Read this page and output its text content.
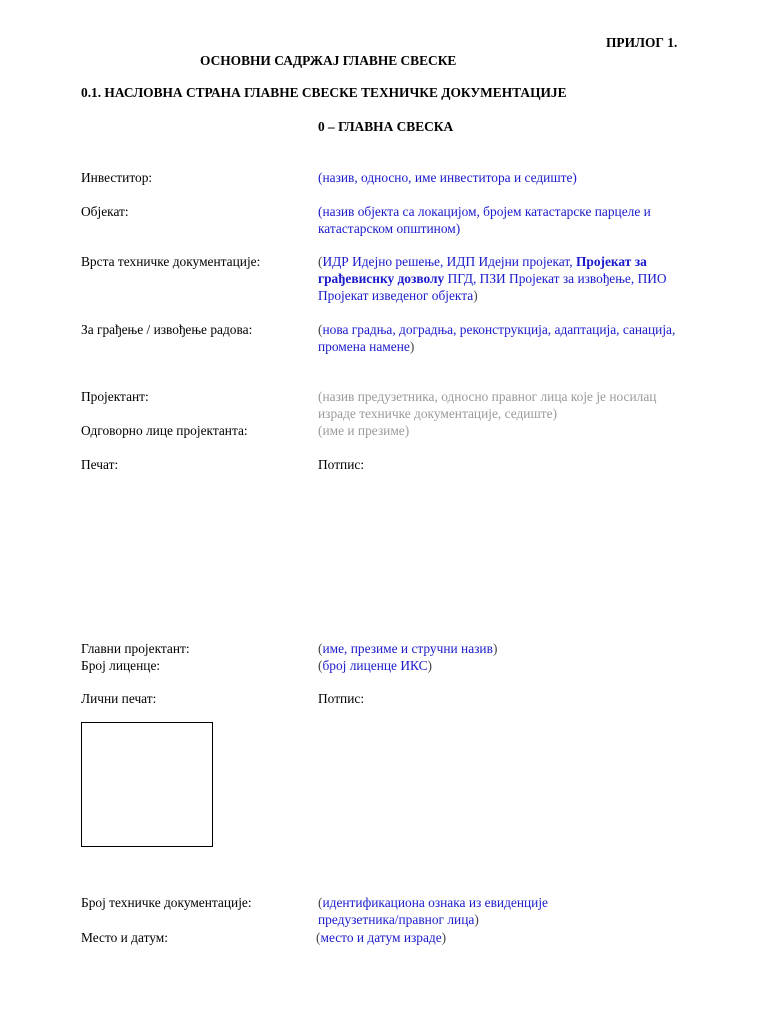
ПРИЛОГ 1.
ОСНОВНИ САДРЖАЈ ГЛАВНЕ СВЕСКЕ
0.1. НАСЛОВНА СТРАНА ГЛАВНЕ СВЕСКЕ ТЕХНИЧКЕ ДОКУМЕНТАЦИЈЕ
0 – ГЛАВНА СВЕСКА
Инвеститор:	(назив, односно, име инвеститора и седиште)
Објекат:	(назив објекта са локацијом, бројем катастарске парцеле и катастарском општином)
Врста техничке документације:	(ИДР Идејно решење, ИДП Идејни пројекат, Пројекат за грађевиснку дозволу ПГД, ПЗИ Пројекат за извођење, ПИО Пројекат изведеног објекта)
За грађење / извођење радова:	(нова градња, доградња, реконструкција, адаптација, санација, промена намене)
Пројектант:	(назив предузетника, односно правног лица које је носилац израде техничке документације, седиште)
Одговорно лице пројектанта:	(име и презиме)
Печат:	Потпис:
Главни пројектант:	(име, презиме и стручни назив)
Број лиценце:	(број лиценце ИКС)
Лични печат:	Потпис:
Број техничке документације:	(идентификациона ознака из евиденције предузетника/правног лица)
Место и датум:	(место и датум израде)
